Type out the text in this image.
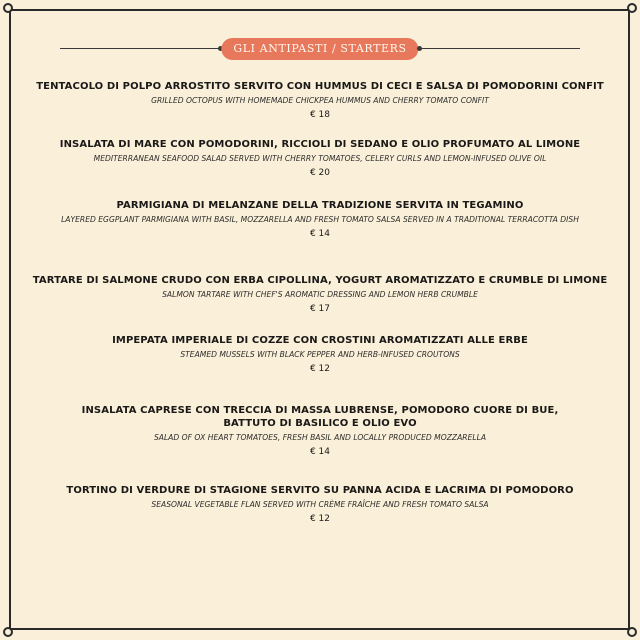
GLI ANTIPASTI / STARTERS
TENTACOLO DI POLPO ARROSTITO SERVITO CON HUMMUS DI CECI E SALSA DI POMODORINI CONFIT
GRILLED OCTOPUS WITH HOMEMADE CHICKPEA HUMMUS AND CHERRY TOMATO CONFIT
€ 18
INSALATA DI MARE CON POMODORINI, RICCIOLI DI SEDANO E OLIO PROFUMATO AL LIMONE
MEDITERRANEAN SEAFOOD SALAD SERVED WITH CHERRY TOMATOES, CELERY CURLS AND LEMON-INFUSED OLIVE OIL
€ 20
PARMIGIANA DI MELANZANE DELLA TRADIZIONE SERVITA IN TEGAMINO
LAYERED EGGPLANT PARMIGIANA WITH BASIL, MOZZARELLA AND FRESH TOMATO SALSA SERVED IN A TRADITIONAL TERRACOTTA DISH
€ 14
TARTARE DI SALMONE CRUDO CON ERBA CIPOLLINA, YOGURT AROMATIZZATO E CRUMBLE DI LIMONE
SALMON TARTARE WITH CHEF'S AROMATIC DRESSING AND LEMON HERB CRUMBLE
€ 17
IMPEPATA IMPERIALE DI COZZE CON CROSTINI AROMATIZZATI ALLE ERBE
STEAMED MUSSELS WITH BLACK PEPPER AND HERB-INFUSED CROUTONS
€ 12
INSALATA CAPRESE CON TRECCIA DI MASSA LUBRENSE, POMODORO CUORE DI BUE,
BATTUTO DI BASILICO E OLIO EVO
SALAD OF OX HEART TOMATOES, FRESH BASIL AND LOCALLY PRODUCED MOZZARELLA
€ 14
TORTINO DI VERDURE DI STAGIONE SERVITO SU PANNA ACIDA E LACRIMA DI POMODORO
SEASONAL VEGETABLE FLAN SERVED WITH CRÈME FRAÎCHE AND FRESH TOMATO SALSA
€ 12
